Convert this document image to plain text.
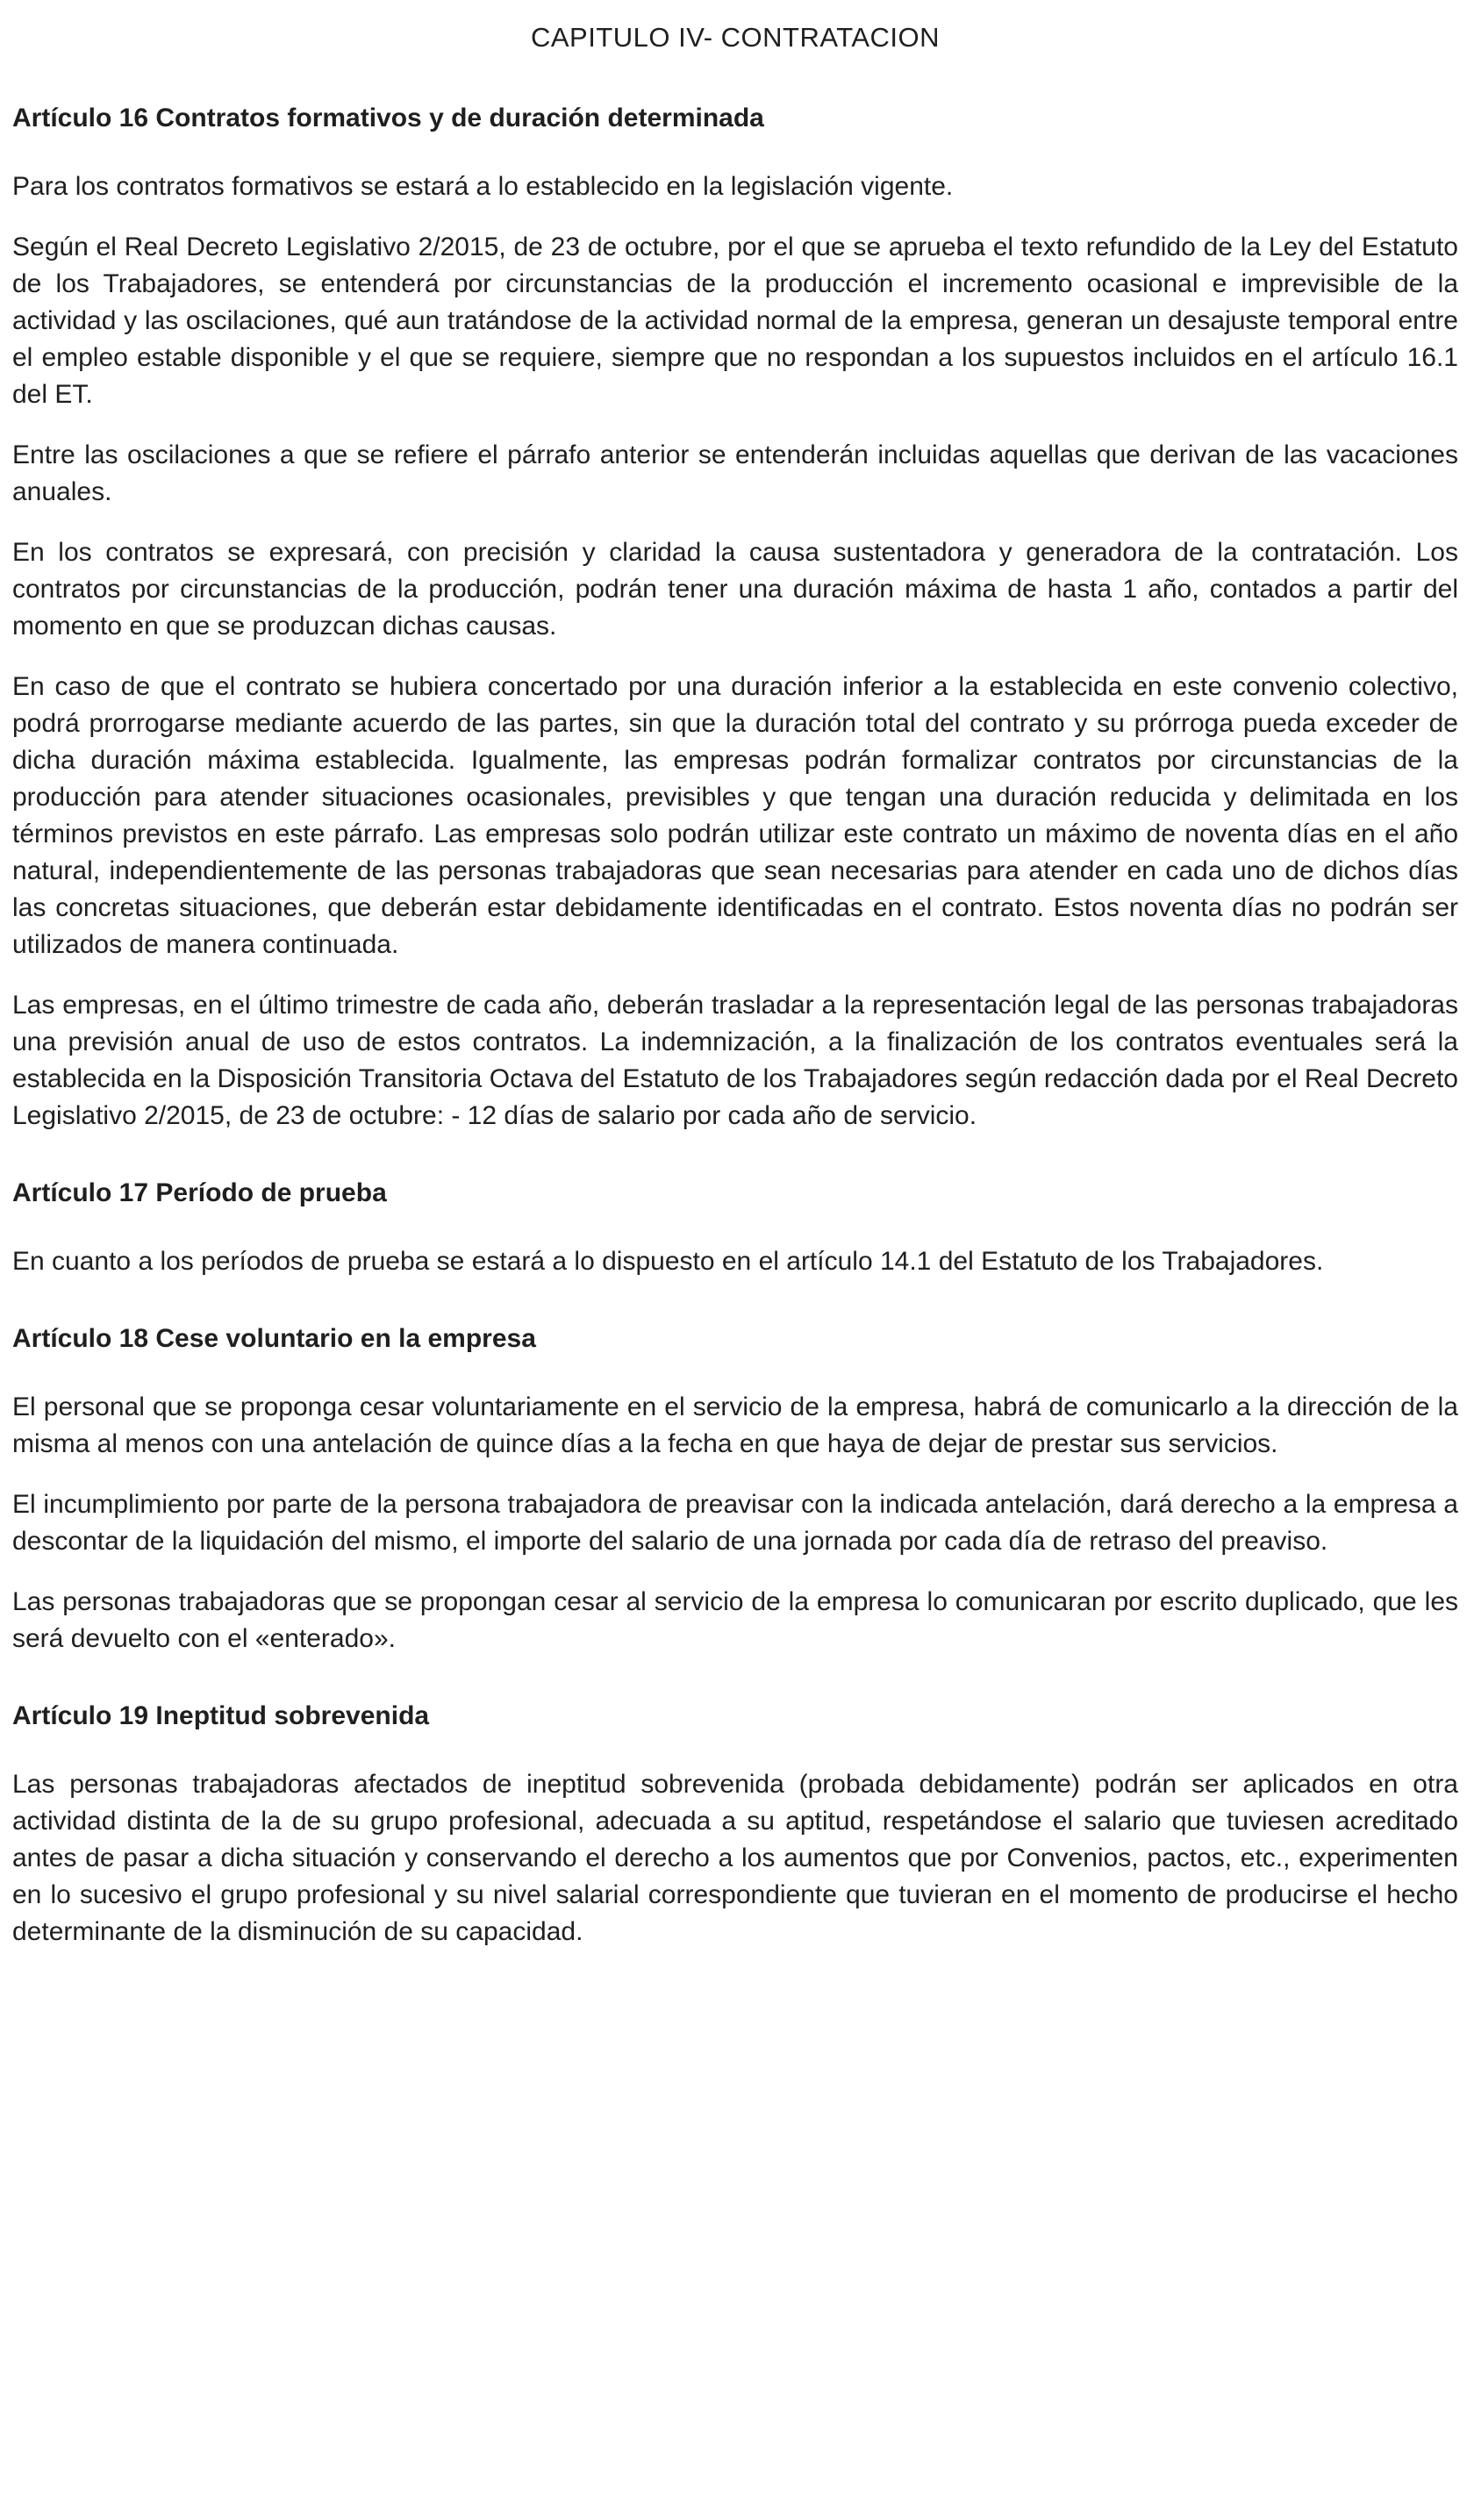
CAPITULO IV- CONTRATACION
Artículo 16 Contratos formativos y de duración determinada

Para los contratos formativos se estará a lo establecido en la legislación vigente.

Según el Real Decreto Legislativo 2/2015, de 23 de octubre, por el que se aprueba el texto refundido de la Ley del Estatuto de los Trabajadores, se entenderá por circunstancias de la producción el incremento ocasional e imprevisible de la actividad y las oscilaciones, qué aun tratándose de la actividad normal de la empresa, generan un desajuste temporal entre el empleo estable disponible y el que se requiere, siempre que no respondan a los supuestos incluidos en el artículo 16.1 del ET.

Entre las oscilaciones a que se refiere el párrafo anterior se entenderán incluidas aquellas que derivan de las vacaciones anuales.

En los contratos se expresará, con precisión y claridad la causa sustentadora y generadora de la contratación. Los contratos por circunstancias de la producción, podrán tener una duración máxima de hasta 1 año, contados a partir del momento en que se produzcan dichas causas.

En caso de que el contrato se hubiera concertado por una duración inferior a la establecida en este convenio colectivo, podrá prorrogarse mediante acuerdo de las partes, sin que la duración total del contrato y su prórroga pueda exceder de dicha duración máxima establecida. Igualmente, las empresas podrán formalizar contratos por circunstancias de la producción para atender situaciones ocasionales, previsibles y que tengan una duración reducida y delimitada en los términos previstos en este párrafo. Las empresas solo podrán utilizar este contrato un máximo de noventa días en el año natural, independientemente de las personas trabajadoras que sean necesarias para atender en cada uno de dichos días las concretas situaciones, que deberán estar debidamente identificadas en el contrato. Estos noventa días no podrán ser utilizados de manera continuada.

Las empresas, en el último trimestre de cada año, deberán trasladar a la representación legal de las personas trabajadoras una previsión anual de uso de estos contratos. La indemnización, a la finalización de los contratos eventuales será la establecida en la Disposición Transitoria Octava del Estatuto de los Trabajadores según redacción dada por el Real Decreto Legislativo 2/2015, de 23 de octubre: - 12 días de salario por cada año de servicio.

Artículo 17 Período de prueba

En cuanto a los períodos de prueba se estará a lo dispuesto en el artículo 14.1 del Estatuto de los Trabajadores.

Artículo 18 Cese voluntario en la empresa

El personal que se proponga cesar voluntariamente en el servicio de la empresa, habrá de comunicarlo a la dirección de la misma al menos con una antelación de quince días a la fecha en que haya de dejar de prestar sus servicios.

El incumplimiento por parte de la persona trabajadora de preavisar con la indicada antelación, dará derecho a la empresa a descontar de la liquidación del mismo, el importe del salario de una jornada por cada día de retraso del preaviso.

Las personas trabajadoras que se propongan cesar al servicio de la empresa lo comunicaran por escrito duplicado, que les será devuelto con el «enterado».

Artículo 19 Ineptitud sobrevenida

Las personas trabajadoras afectados de ineptitud sobrevenida (probada debidamente) podrán ser aplicados en otra actividad distinta de la de su grupo profesional, adecuada a su aptitud, respetándose el salario que tuviesen acreditado antes de pasar a dicha situación y conservando el derecho a los aumentos que por Convenios, pactos, etc., experimenten en lo sucesivo el grupo profesional y su nivel salarial correspondiente que tuvieran en el momento de producirse el hecho determinante de la disminución de su capacidad.
